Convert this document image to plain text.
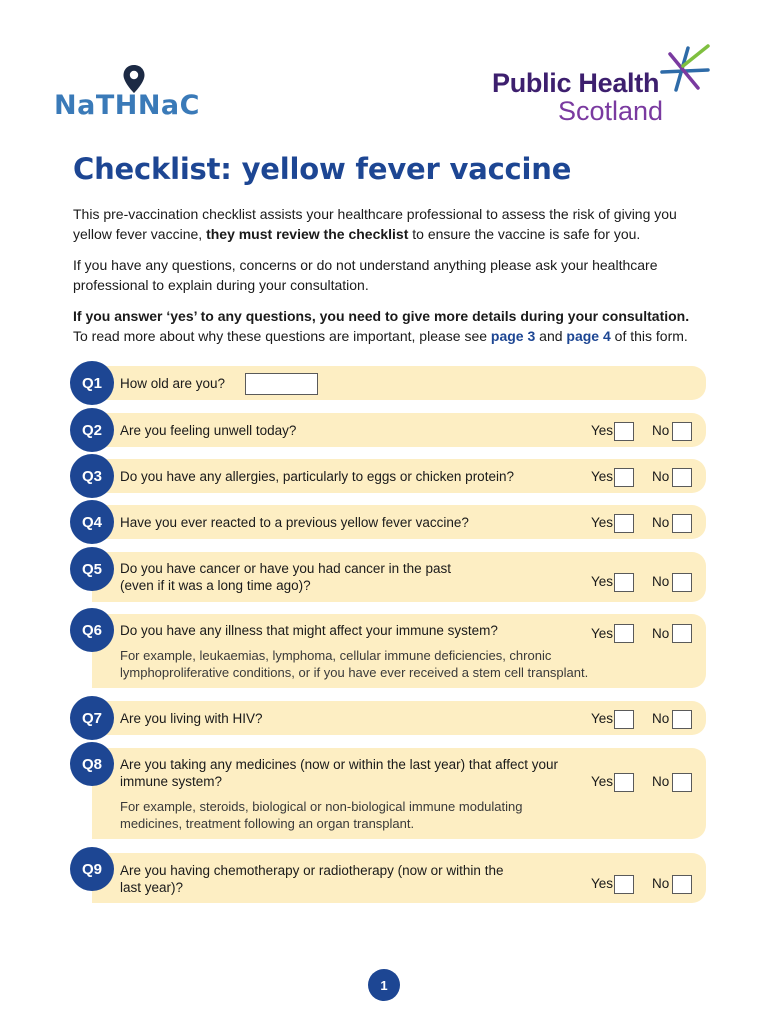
NaTHNaC
Public Health
Scotland
Checklist: yellow fever vaccine

This pre-vaccination checklist assists your healthcare professional to assess the risk of giving you yellow fever vaccine, they must review the checklist to ensure the vaccine is safe for you.

If you have any questions, concerns or do not understand anything please ask your healthcare professional to explain during your consultation.

If you answer ‘yes’ to any questions, you need to give more details during your consultation.
To read more about why these questions are important, please see page 3 and page 4 of this form.

Q1	How old are you?

Q2	Are you feeling unwell today?	Yes	No
Q3	Do you have any allergies, particularly to eggs or chicken protein?	Yes	No
Q4	Have you ever reacted to a previous yellow fever vaccine?	Yes	No
Q5	Do you have cancer or have you had cancer in the past (even if it was a long time ago)?	Yes	No
Q6	Do you have any illness that might affect your immune system?	Yes	No

For example, leukaemias, lymphoma, cellular immune deficiencies, chronic lymphoproliferative conditions, or if you have ever received a stem cell transplant.

Q7	Are you living with HIV?	Yes	No
Q8	Are you taking any medicines (now or within the last year) that affect your immune system?	Yes	No

For example, steroids, biological or non-biological immune modulating medicines, treatment following an organ transplant.

Q9	Are you having chemotherapy or radiotherapy (now or within the last year)?	Yes	No
1
